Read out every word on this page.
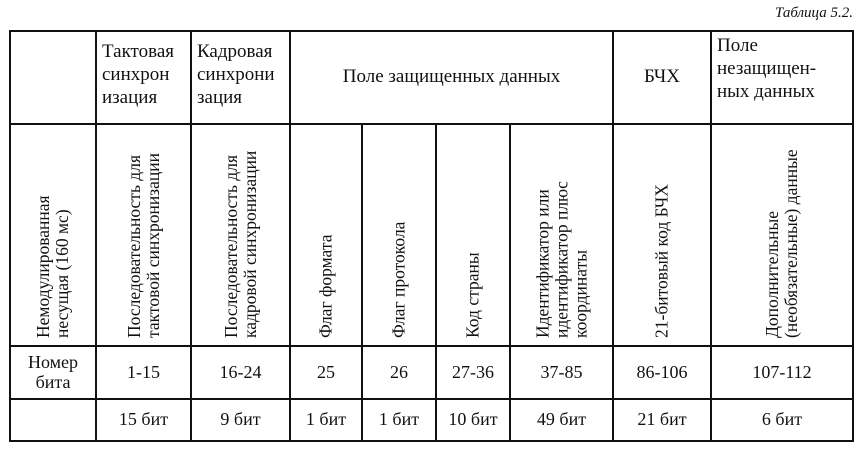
Таблица 5.2.
	Тактовая синхрон изация	Кадровая синхрони зация	Поле защищенных данных				БЧХ	Поле незащищен- ных данных

Немодулированная несущая (160 мс)	Последовательность для тактовой синхронизации	Последовательность для кадровой синхронизации	Флаг формата	Флаг протокола	Код страны	Идентификатор или идентификатор плюс координаты	21-битовый код БЧХ	Дополнительные (необязательные) данные

Номер бита	1-15	16-24	25	26	27-36	37-85	86-106	107-112
	15 бит	9 бит	1 бит	1 бит	10 бит	49 бит	21 бит	6 бит
